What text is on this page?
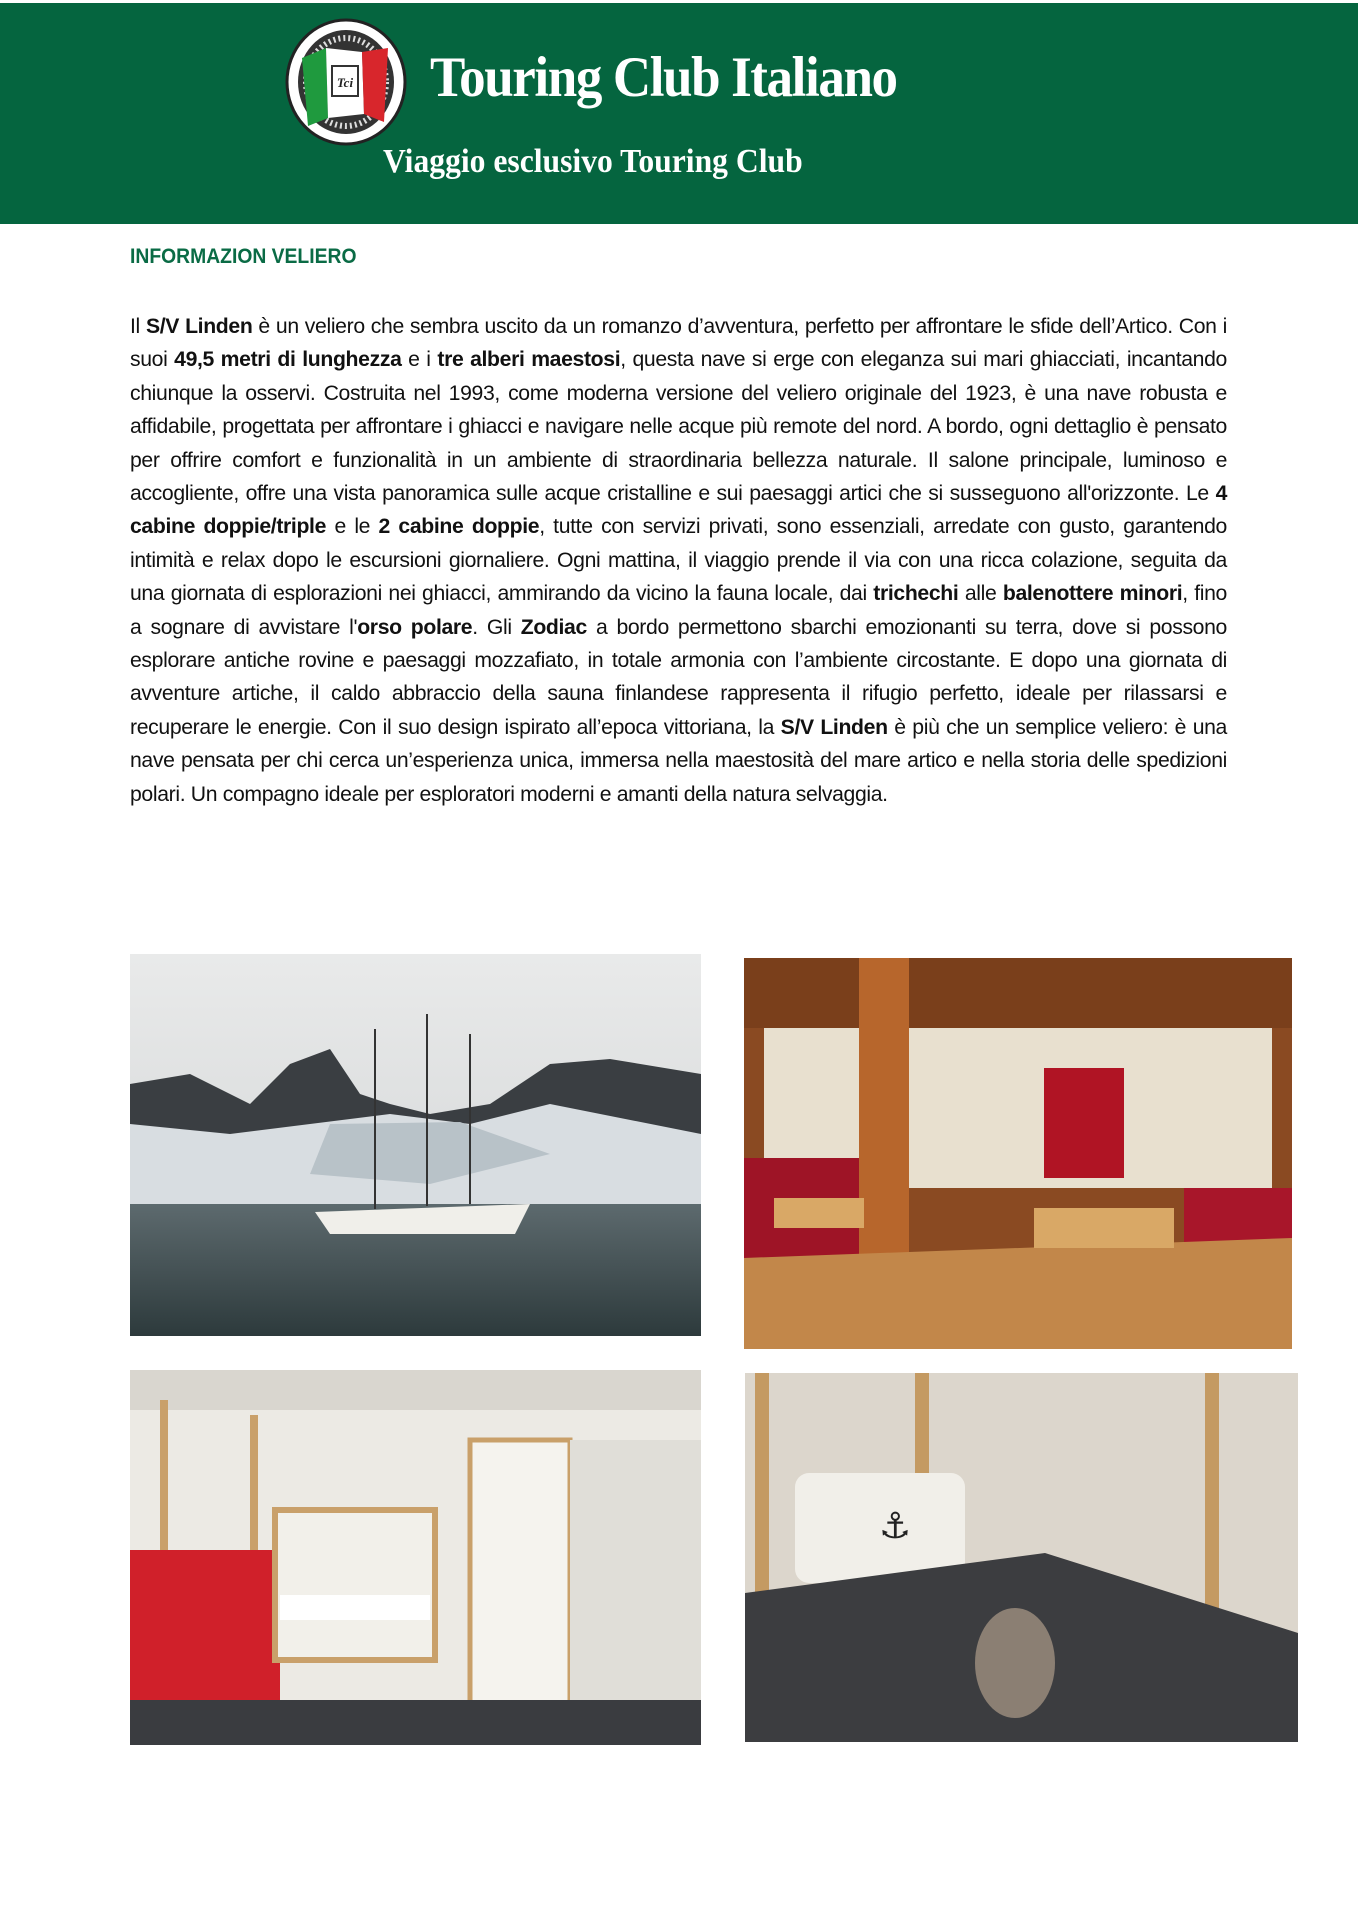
Tci Touring Club Italiano
Viaggio esclusivo Touring Club
INFORMAZION VELIERO
Il S/V Linden è un veliero che sembra uscito da un romanzo d’avventura, perfetto per affrontare le sfide dell’Artico. Con i suoi 49,5 metri di lunghezza e i tre alberi maestosi, questa nave si erge con eleganza sui mari ghiacciati, incantando chiunque la osservi. Costruita nel 1993, come moderna versione del veliero originale del 1923, è una nave robusta e affidabile, progettata per affrontare i ghiacci e navigare nelle acque più remote del nord. A bordo, ogni dettaglio è pensato per offrire comfort e funzionalità in un ambiente di straordinaria bellezza naturale. Il salone principale, luminoso e accogliente, offre una vista panoramica sulle acque cristalline e sui paesaggi artici che si susseguono all'orizzonte. Le 4 cabine doppie/triple e le 2 cabine doppie, tutte con servizi privati, sono essenziali, arredate con gusto, garantendo intimità e relax dopo le escursioni giornaliere. Ogni mattina, il viaggio prende il via con una ricca colazione, seguita da una giornata di esplorazioni nei ghiacci, ammirando da vicino la fauna locale, dai trichechi alle balenottere minori, fino a sognare di avvistare l'orso polare. Gli Zodiac a bordo permettono sbarchi emozionanti su terra, dove si possono esplorare antiche rovine e paesaggi mozzafiato, in totale armonia con l’ambiente circostante. E dopo una giornata di avventure artiche, il caldo abbraccio della sauna finlandese rappresenta il rifugio perfetto, ideale per rilassarsi e recuperare le energie. Con il suo design ispirato all’epoca vittoriana, la S/V Linden è più che un semplice veliero: è una nave pensata per chi cerca un’esperienza unica, immersa nella maestosità del mare artico e nella storia delle spedizioni polari. Un compagno ideale per esploratori moderni e amanti della natura selvaggia.
⚓
